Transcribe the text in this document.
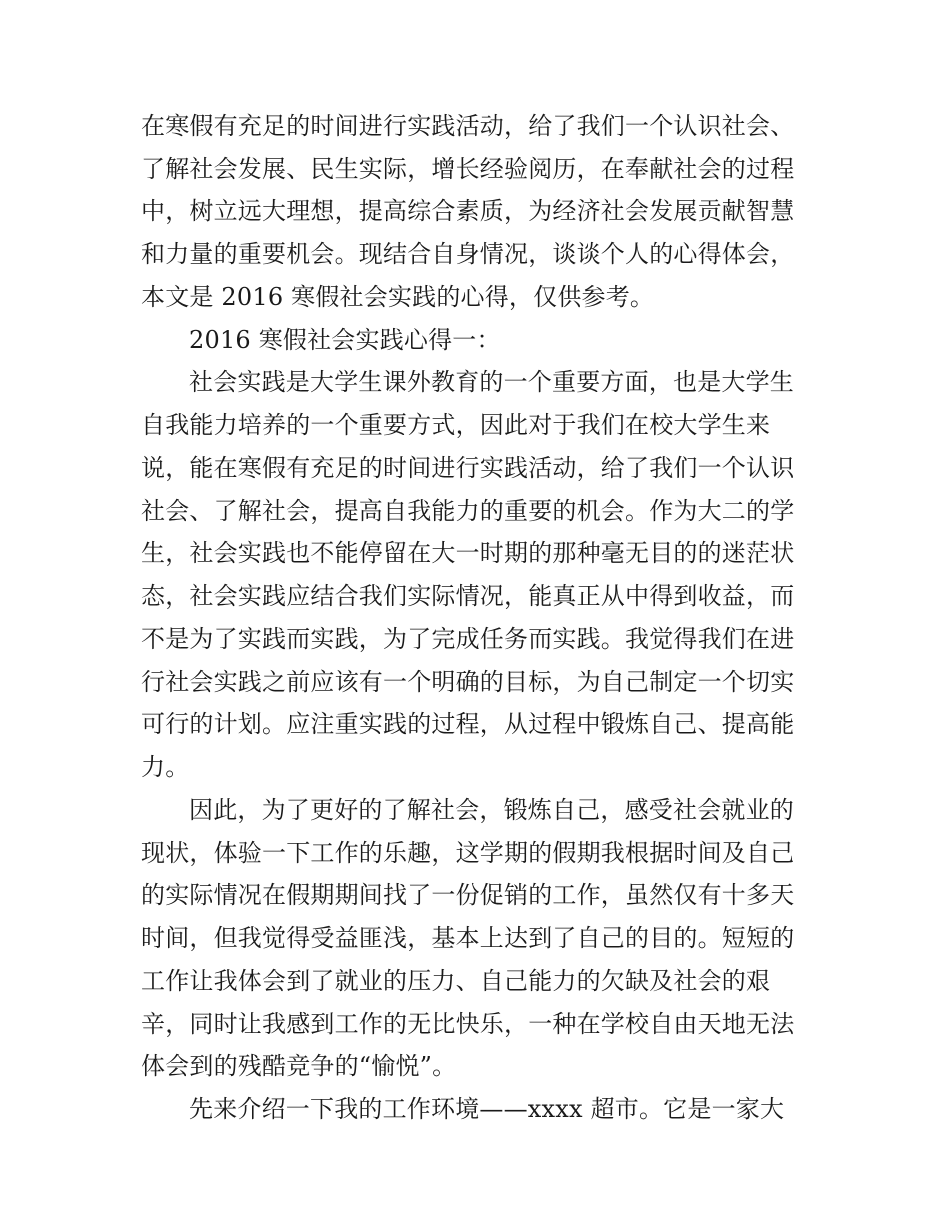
在寒假有充足的时间进行实践活动，给了我们一个认识社会、
了解社会发展、民生实际，增长经验阅历，在奉献社会的过程
中，树立远大理想，提高综合素质，为经济社会发展贡献智慧
和力量的重要机会。现结合自身情况，谈谈个人的心得体会，
本文是 2016 寒假社会实践的心得，仅供参考。
2016 寒假社会实践心得一：
社会实践是大学生课外教育的一个重要方面，也是大学生
自我能力培养的一个重要方式，因此对于我们在校大学生来
说，能在寒假有充足的时间进行实践活动，给了我们一个认识
社会、了解社会，提高自我能力的重要的机会。作为大二的学
生，社会实践也不能停留在大一时期的那种毫无目的的迷茫状
态，社会实践应结合我们实际情况，能真正从中得到收益，而
不是为了实践而实践，为了完成任务而实践。我觉得我们在进
行社会实践之前应该有一个明确的目标，为自己制定一个切实
可行的计划。应注重实践的过程，从过程中锻炼自己、提高能
力。
因此，为了更好的了解社会，锻炼自己，感受社会就业的
现状，体验一下工作的乐趣，这学期的假期我根据时间及自己
的实际情况在假期期间找了一份促销的工作，虽然仅有十多天
时间，但我觉得受益匪浅，基本上达到了自己的目的。短短的
工作让我体会到了就业的压力、自己能力的欠缺及社会的艰
辛，同时让我感到工作的无比快乐，一种在学校自由天地无法
体会到的残酷竞争的“愉悦”。
先来介绍一下我的工作环境——xxxx 超市。它是一家大
